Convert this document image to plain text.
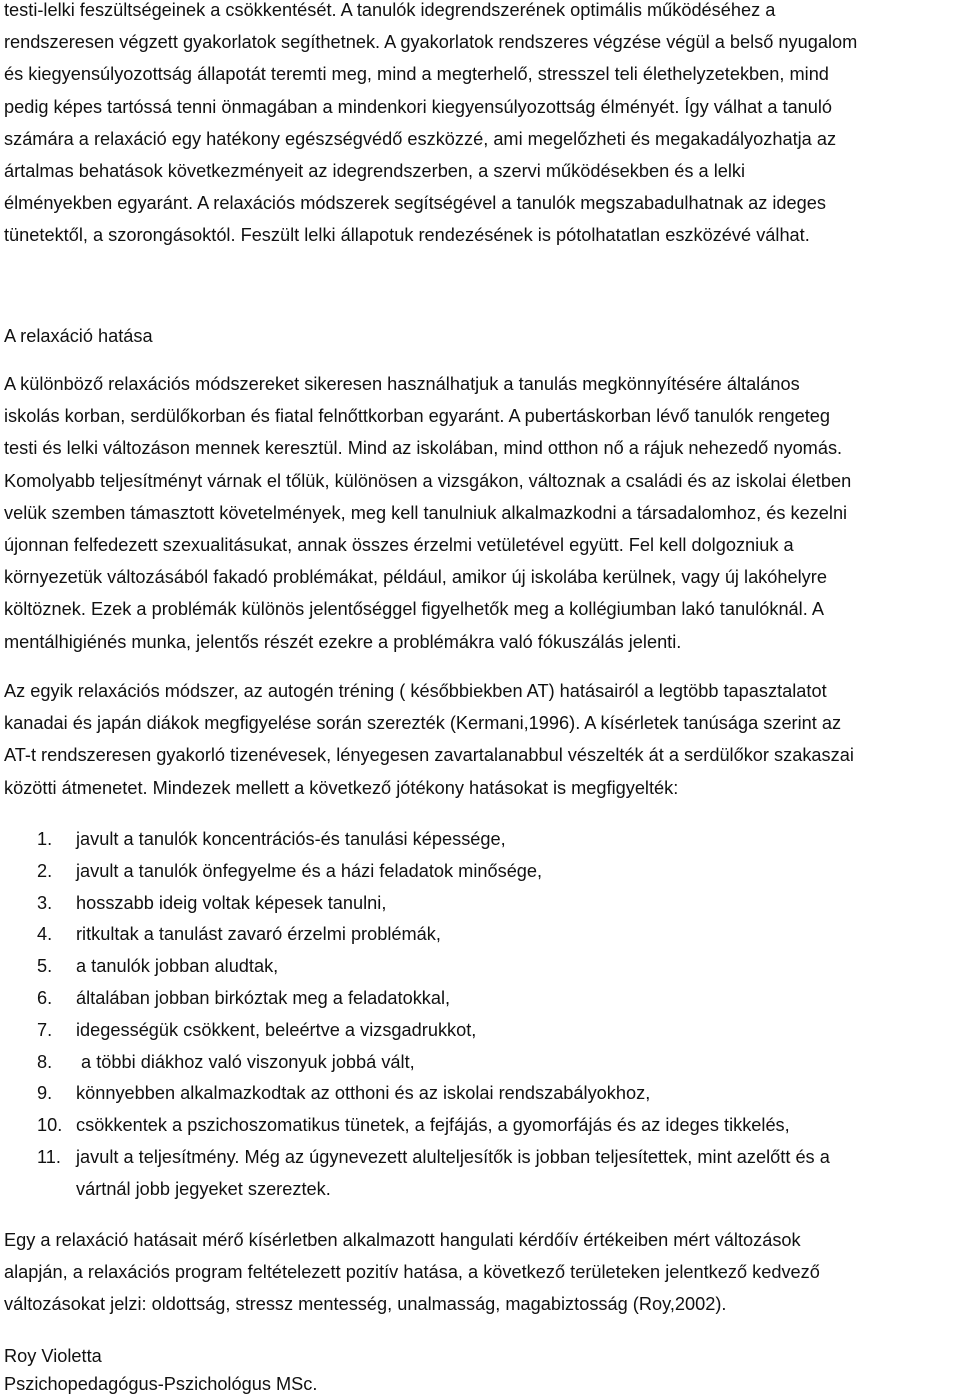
testi-lelki feszültségeinek a csökkentését. A tanulók idegrendszerének optimális működéséhez a
rendszeresen végzett gyakorlatok segíthetnek. A gyakorlatok rendszeres végzése végül a belső nyugalom
és kiegyensúlyozottság állapotát teremti meg, mind a megterhelő, stresszel teli élethelyzetekben, mind
pedig képes tartóssá tenni önmagában a mindenkori kiegyensúlyozottság élményét. Így válhat a tanuló
számára a relaxáció egy hatékony egészségvédő eszközzé, ami megelőzheti és megakadályozhatja az
ártalmas behatások következményeit az idegrendszerben, a szervi működésekben és a lelki
élményekben egyaránt. A relaxációs módszerek segítségével a tanulók megszabadulhatnak az ideges
tünetektől, a szorongásoktól. Feszült lelki állapotuk rendezésének is pótolhatatlan eszközévé válhat.

A relaxáció hatása

A különböző relaxációs módszereket sikeresen használhatjuk a tanulás megkönnyítésére általános
iskolás korban, serdülőkorban és fiatal felnőttkorban egyaránt. A pubertáskorban lévő tanulók rengeteg
testi és lelki változáson mennek keresztül. Mind az iskolában, mind otthon nő a rájuk nehezedő nyomás.
Komolyabb teljesítményt várnak el tőlük, különösen a vizsgákon, változnak a családi és az iskolai életben
velük szemben támasztott követelmények, meg kell tanulniuk alkalmazkodni a társadalomhoz, és kezelni
újonnan felfedezett szexualitásukat, annak összes érzelmi vetületével együtt. Fel kell dolgozniuk a
környezetük változásából fakadó problémákat, például, amikor új iskolába kerülnek, vagy új lakóhelyre
költöznek. Ezek a problémák különös jelentőséggel figyelhetők meg a kollégiumban lakó tanulóknál. A
mentálhigiénés munka, jelentős részét ezekre a problémákra való fókuszálás jelenti.

Az egyik relaxációs módszer, az autogén tréning ( későbbiekben AT) hatásairól a legtöbb tapasztalatot
kanadai és japán diákok megfigyelése során szerezték (Kermani,1996). A kísérletek tanúsága szerint az
AT-t rendszeresen gyakorló tizenévesek, lényegesen zavartalanabbul vészelték át a serdülőkor szakaszai
közötti átmenetet. Mindezek mellett a következő jótékony hatásokat is megfigyelték:

1.	javult a tanulók koncentrációs-és tanulási képessége,
2.	javult a tanulók önfegyelme és a házi feladatok minősége,
3.	hosszabb ideig voltak képesek tanulni,
4.	ritkultak a tanulást zavaró érzelmi problémák,
5.	a tanulók jobban aludtak,
6.	általában jobban birkóztak meg a feladatokkal,
7.	idegességük csökkent, beleértve a vizsgadrukkot,
8.	a többi diákhoz való viszonyuk jobbá vált,
9.	könnyebben alkalmazkodtak az otthoni és az iskolai rendszabályokhoz,
10. csökkentek a pszichoszomatikus tünetek, a fejfájás, a gyomorfájás és az ideges tikkelés,
11. javult a teljesítmény. Még az úgynevezett alulteljesítők is jobban teljesítettek, mint azelőtt és a
vártnál jobb jegyeket szereztek.

Egy a relaxáció hatásait mérő kísérletben alkalmazott hangulati kérdőív értékeiben mért változások
alapján, a relaxációs program feltételezett pozitív hatása, a következő területeken jelentkező kedvező
változásokat jelzi: oldottság, stressz mentesség, unalmasság, magabiztosság (Roy,2002).

Roy Violetta
Pszichopedagógus-Pszichológus MSc.
